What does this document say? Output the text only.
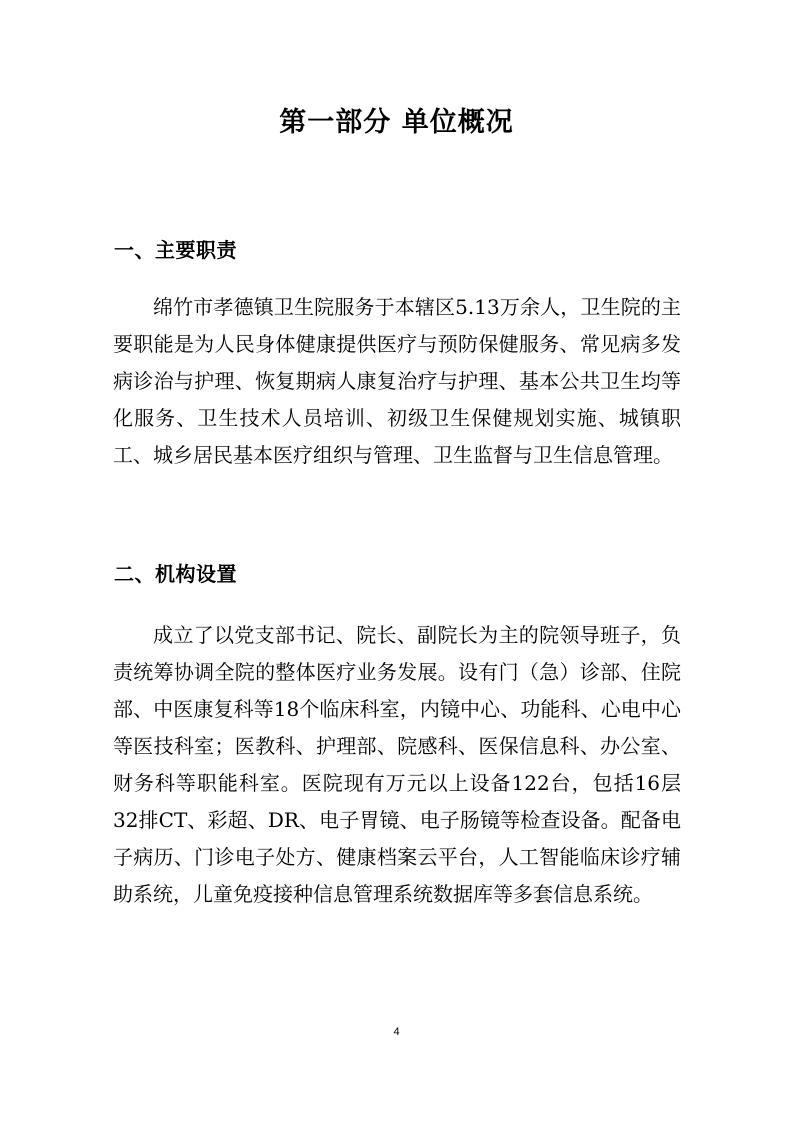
第一部分 单位概况
一、主要职责

绵竹市孝德镇卫生院服务于本辖区5.13万余人，卫生院的主要职能是为人民身体健康提供医疗与预防保健服务、常见病多发病诊治与护理、恢复期病人康复治疗与护理、基本公共卫生均等化服务、卫生技术人员培训、初级卫生保健规划实施、城镇职工、城乡居民基本医疗组织与管理、卫生监督与卫生信息管理。

二、机构设置

成立了以党支部书记、院长、副院长为主的院领导班子，负责统筹协调全院的整体医疗业务发展。设有门（急）诊部、住院部、中医康复科等18个临床科室，内镜中心、功能科、心电中心等医技科室；医教科、护理部、院感科、医保信息科、办公室、财务科等职能科室。医院现有万元以上设备122台，包括16层32排CT、彩超、DR、电子胃镜、电子肠镜等检查设备。配备电子病历、门诊电子处方、健康档案云平台，人工智能临床诊疗辅助系统，儿童免疫接种信息管理系统数据库等多套信息系统。

4
